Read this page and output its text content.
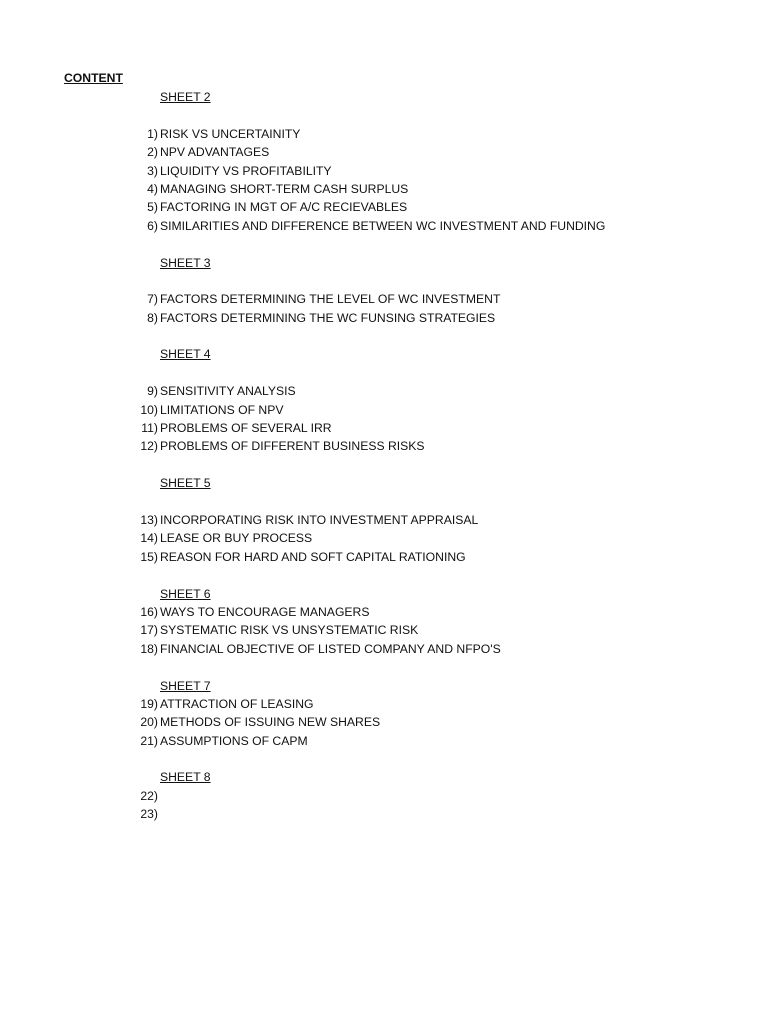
CONTENT
SHEET 2
1) RISK VS UNCERTAINITY
2) NPV ADVANTAGES
3) LIQUIDITY VS PROFITABILITY
4) MANAGING SHORT-TERM CASH SURPLUS
5) FACTORING IN MGT OF A/C RECIEVABLES
6) SIMILARITIES AND DIFFERENCE BETWEEN WC INVESTMENT AND FUNDING
SHEET 3
7) FACTORS DETERMINING THE LEVEL OF WC INVESTMENT
8) FACTORS DETERMINING THE WC FUNSING STRATEGIES
SHEET 4
9) SENSITIVITY ANALYSIS
10) LIMITATIONS OF NPV
11) PROBLEMS OF SEVERAL IRR
12) PROBLEMS OF DIFFERENT BUSINESS RISKS
SHEET 5
13) INCORPORATING RISK INTO INVESTMENT APPRAISAL
14) LEASE OR BUY PROCESS
15) REASON FOR HARD AND SOFT CAPITAL RATIONING
SHEET 6
16) WAYS TO ENCOURAGE MANAGERS
17) SYSTEMATIC RISK VS UNSYSTEMATIC RISK
18) FINANCIAL OBJECTIVE OF LISTED COMPANY AND NFPO'S
SHEET 7
19) ATTRACTION OF LEASING
20) METHODS OF ISSUING NEW SHARES
21) ASSUMPTIONS OF CAPM
SHEET 8
22)
23)
